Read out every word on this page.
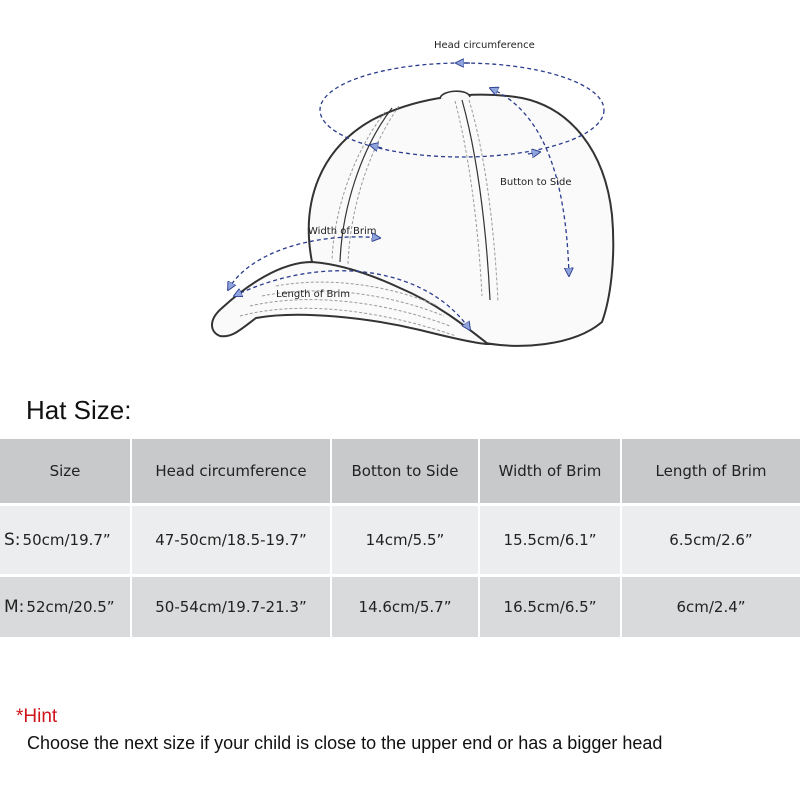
Head circumference
Button to Side
Width of Brim
Length of Brim
Hat Size:
Size	Head circumference	Botton to Side	Width of Brim	Length of Brim
S: 50cm/19.7”	47-50cm/18.5-19.7”	14cm/5.5”	15.5cm/6.1”	6.5cm/2.6”
M: 52cm/20.5”	50-54cm/19.7-21.3”	14.6cm/5.7”	16.5cm/6.5”	6cm/2.4”

*Hint

Choose the next size if your child is close to the upper end or has a bigger head
